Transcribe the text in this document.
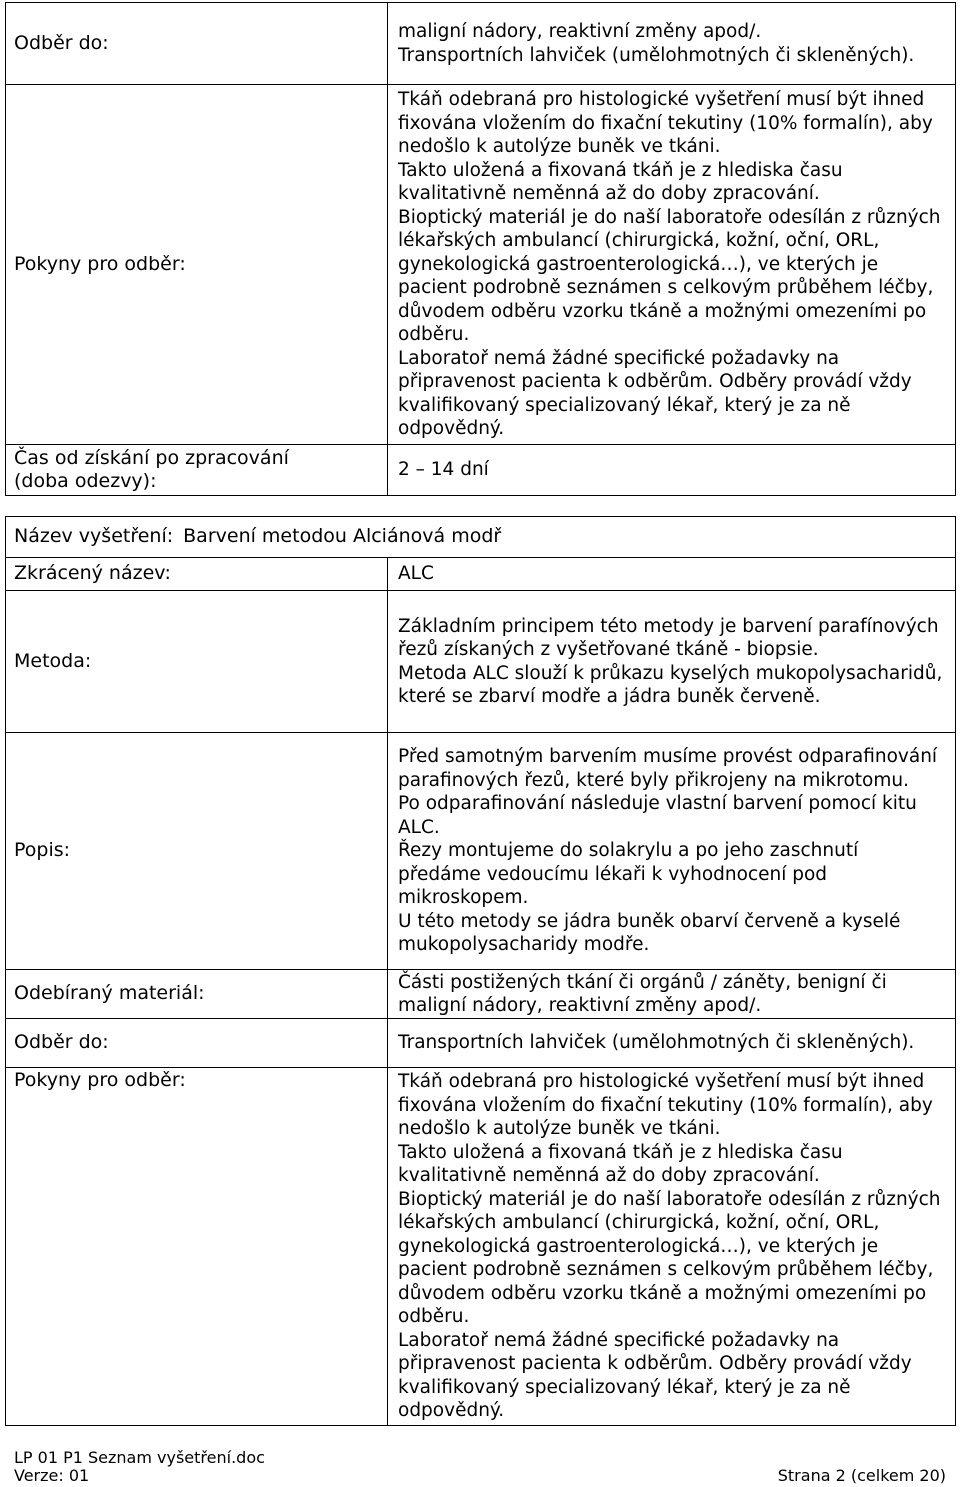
Odběr do:	maligní nádory, reaktivní změny apod/.

Transportních lahviček (umělohmotných či skleněných).

Pokyny pro odběr:	Tkáň odebraná pro histologické vyšetření musí být ihned fixována vložením do fixační tekutiny (10% formalín), aby nedošlo k autolýze buněk ve tkáni.

Takto uložená a fixovaná tkáň je z hlediska času kvalitativně neměnná až do doby zpracování.

Bioptický materiál je do naší laboratoře odesílán z různých lékařských ambulancí (chirurgická, kožní, oční, ORL, gynekologická gastroenterologická…), ve kterých je pacient podrobně seznámen s celkovým průběhem léčby, důvodem odběru vzorku tkáně a možnými omezeními po odběru.

Laboratoř nemá žádné specifické požadavky na připravenost pacienta k odběrům. Odběry provádí vždy kvalifikovaný specializovaný lékař, který je za ně odpovědný.

Čas od získání po zpracování
(doba odezvy):	2 – 14 dní
Název vyšetření: Barvení metodou Alciánová modř	
Zkrácený název:	ALC
Metoda:	Základním principem této metody je barvení parafínových řezů získaných z vyšetřované tkáně - biopsie.

Metoda ALC slouží k průkazu kyselých mukopolysacharidů, které se zbarví modře a jádra buněk červeně.

Popis:	Před samotným barvením musíme provést odparafinování parafinových řezů, které byly přikrojeny na mikrotomu.

Po odparafinování následuje vlastní barvení pomocí kitu ALC.

Řezy montujeme do solakrylu a po jeho zaschnutí předáme vedoucímu lékaři k vyhodnocení pod mikroskopem.

U této metody se jádra buněk obarví červeně a kyselé mukopolysacharidy modře.

Odebíraný materiál:	Části postižených tkání či orgánů / záněty, benigní či maligní nádory, reaktivní změny apod/.
Odběr do:	Transportních lahviček (umělohmotných či skleněných).
Pokyny pro odběr:	Tkáň odebraná pro histologické vyšetření musí být ihned fixována vložením do fixační tekutiny (10% formalín), aby nedošlo k autolýze buněk ve tkáni.

Takto uložená a fixovaná tkáň je z hlediska času kvalitativně neměnná až do doby zpracování.

Bioptický materiál je do naší laboratoře odesílán z různých lékařských ambulancí (chirurgická, kožní, oční, ORL, gynekologická gastroenterologická…), ve kterých je pacient podrobně seznámen s celkovým průběhem léčby, důvodem odběru vzorku tkáně a možnými omezeními po odběru.

Laboratoř nemá žádné specifické požadavky na připravenost pacienta k odběrům. Odběry provádí vždy kvalifikovaný specializovaný lékař, který je za ně odpovědný.

LP 01 P1 Seznam vyšetření.doc
Verze: 01	Strana 2 (celkem 20)
